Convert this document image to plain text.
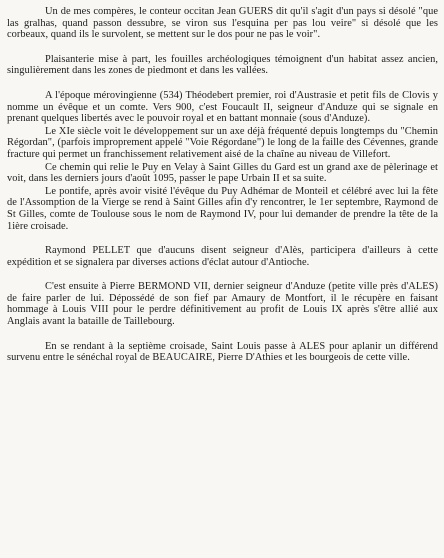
Un de mes compères, le conteur occitan Jean GUERS dit qu'il s'agit d'un pays si désolé "que las gralhas, quand passon dessubre, se viron sus l'esquina per pas lou veire" si désolé que les corbeaux, quand ils le survolent, se mettent sur le dos pour ne pas le voir".

Plaisanterie mise à part, les fouilles archéologiques témoignent d'un habitat assez ancien, singulièrement dans les zones de piedmont et dans les vallées.

A l'époque mérovingienne (534) Théodebert premier, roi d'Austrasie et petit fils de Clovis y nomme un évêque et un comte. Vers 900, c'est Foucault II, seigneur d'Anduze qui se signale en prenant quelques libertés avec le pouvoir royal et en battant monnaie (sous d'Anduze).

Le XIe siècle voit le développement sur un axe déjà fréquenté depuis longtemps du "Chemin Régordan", (parfois improprement appelé "Voie Régordane") le long de la faille des Cévennes, grande fracture qui permet un franchissement relativement aisé de la chaîne au niveau de Villefort.

Ce chemin qui relie le Puy en Velay à Saint Gilles du Gard est un grand axe de pèlerinage et voit, dans les derniers jours d'août 1095, passer le pape Urbain II et sa suite.

Le pontife, après avoir visité l'évêque du Puy Adhémar de Monteil et célébré avec lui la fête de l'Assomption de la Vierge se rend à Saint Gilles afin d'y rencontrer, le 1er septembre, Raymond de St Gilles, comte de Toulouse sous le nom de Raymond IV, pour lui demander de prendre la tête de la 1ière croisade.

Raymond PELLET que d'aucuns disent seigneur d'Alès, participera d'ailleurs à cette expédition et se signalera par diverses actions d'éclat autour d'Antioche.

C'est ensuite à Pierre BERMOND VII, dernier seigneur d'Anduze (petite ville près d'ALES) de faire parler de lui. Dépossédé de son fief par Amaury de Montfort, il le récupère en faisant hommage à Louis VIII pour le perdre définitivement au profit de Louis IX après s'être allié aux Anglais avant la bataille de Taillebourg.

En se rendant à la septième croisade, Saint Louis passe à ALES pour aplanir un différend survenu entre le sénéchal royal de BEAUCAIRE, Pierre D'Athies et les bourgeois de cette ville.
